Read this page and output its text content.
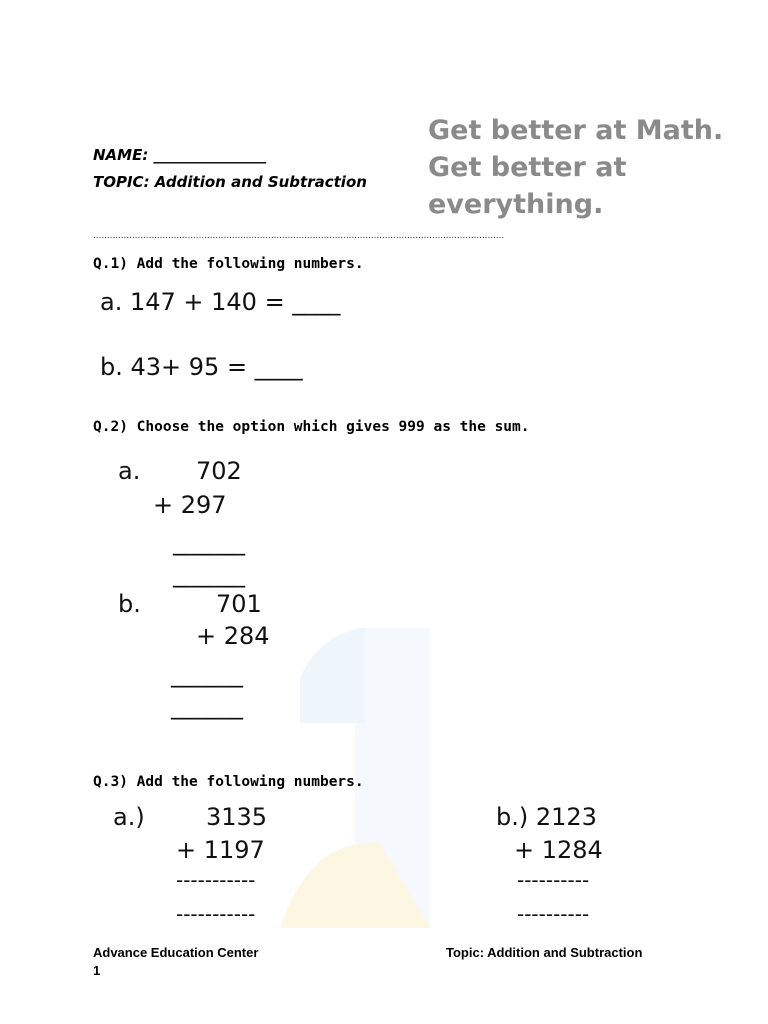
NAME: _______________
TOPIC: Addition and Subtraction
Get better at Math.
Get better at
everything.
....................................................................................................................................................
Q.1) Add the following numbers.
a. 147 + 140 = ____
b. 43+ 95 = ____
Q.2) Choose the option which gives 999 as the sum.
a. 702
+ 297
______
______
b.	701
+ 284
______
______
Q.3) Add the following numbers.
a.)	3135
+ 1197
-----------
-----------
b.) 2123
+ 1284
----------
----------
Advance Education Center	Topic: Addition and Subtraction
1
